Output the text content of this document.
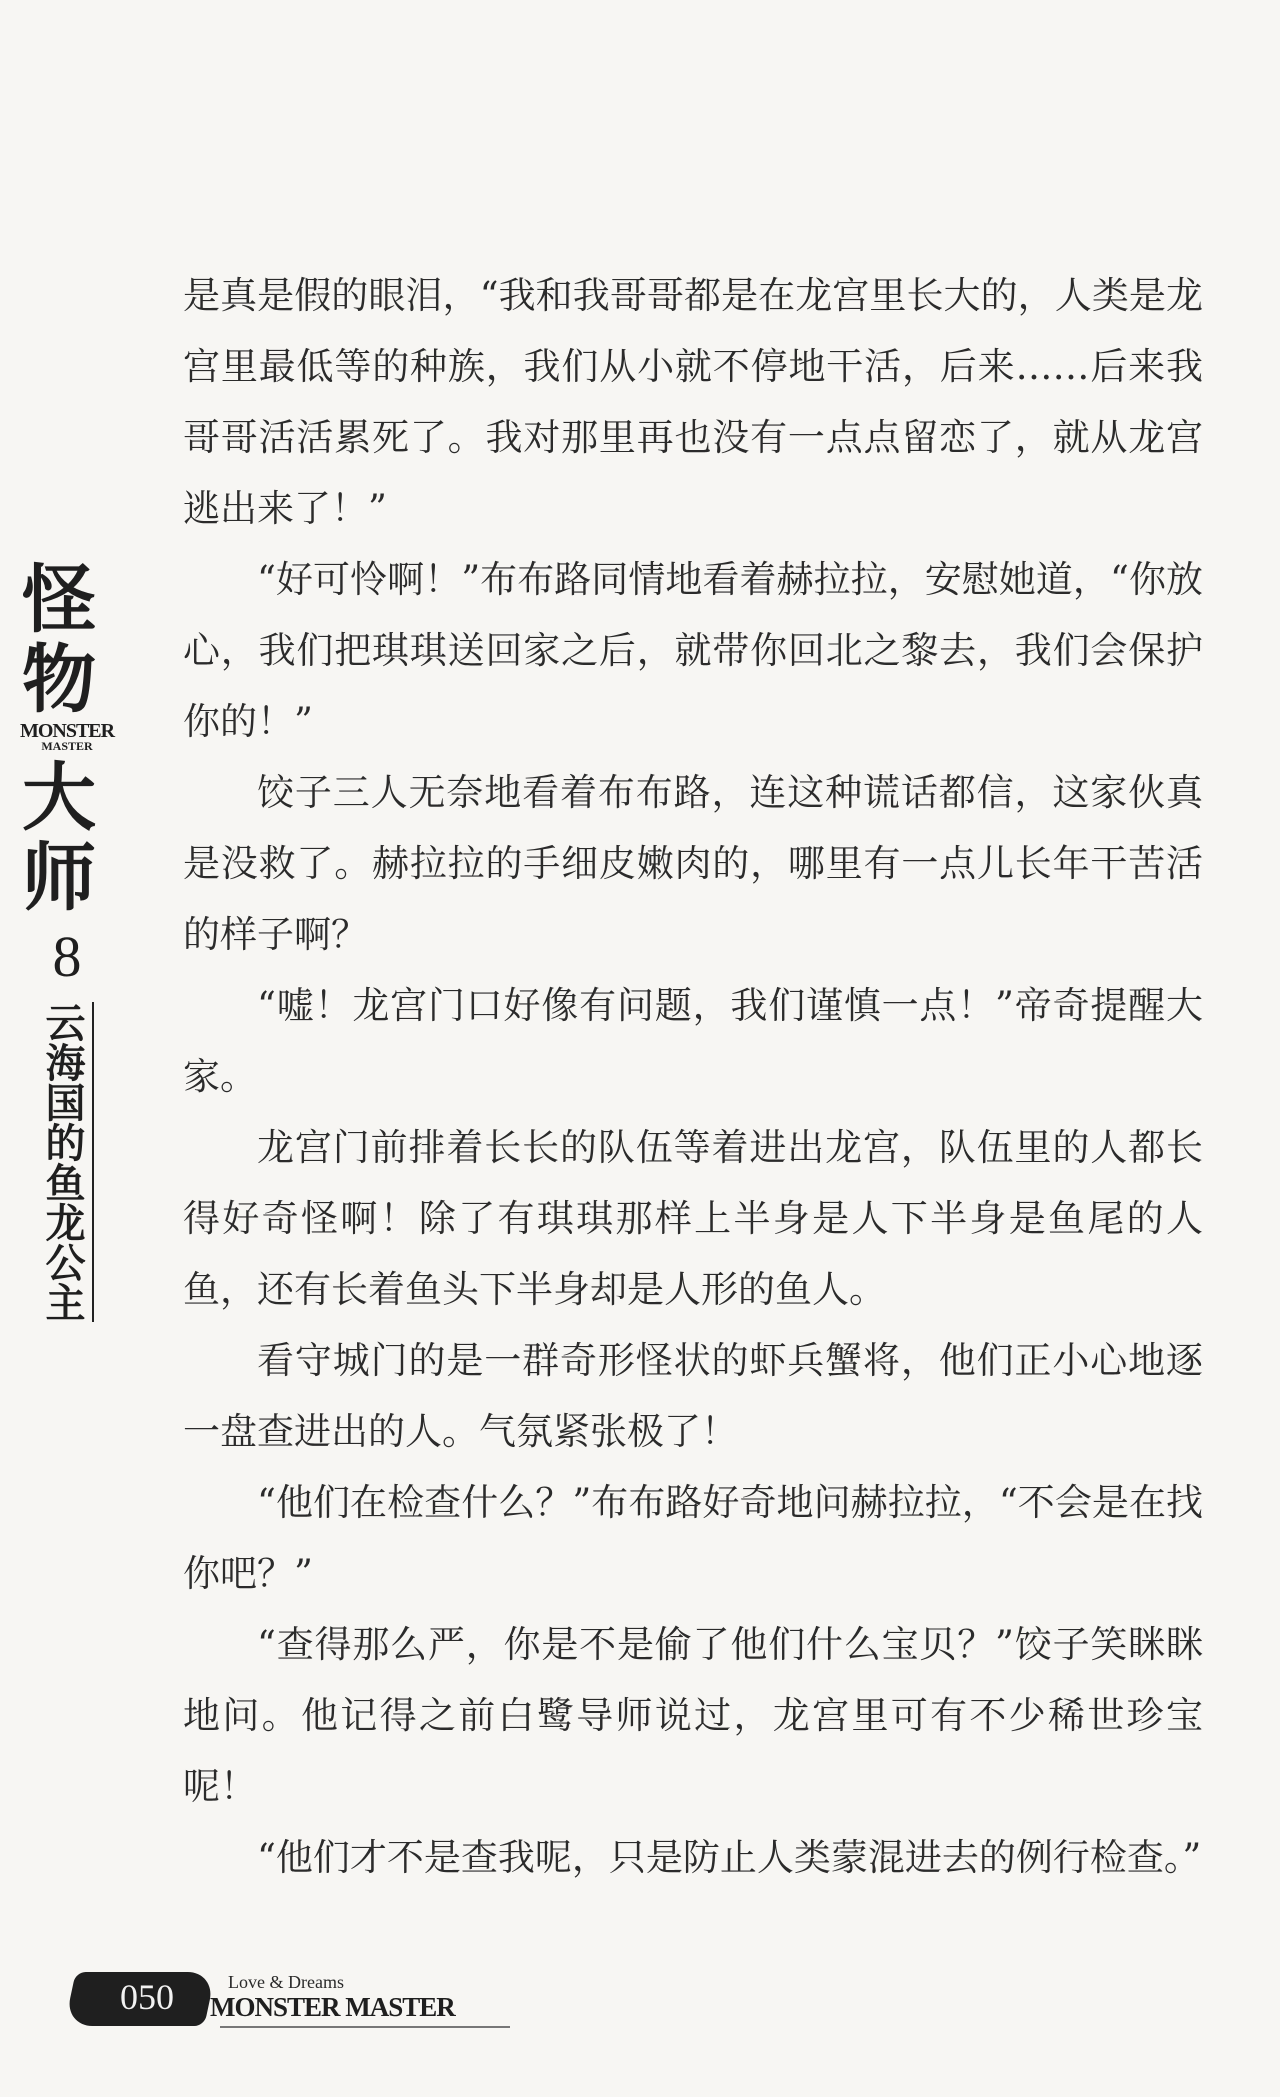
怪物
MONSTER
MASTER
大师
8
云海国的鱼龙公主

是真是假的眼泪，“我和我哥哥都是在龙宫里长大的，人类是龙宫里最低等的种族，我们从小就不停地干活，后来……后来我哥哥活活累死了。我对那里再也没有一点点留恋了，就从龙宫逃出来了！”

“好可怜啊！”布布路同情地看着赫拉拉，安慰她道，“你放心，我们把琪琪送回家之后，就带你回北之黎去，我们会保护你的！”

饺子三人无奈地看着布布路，连这种谎话都信，这家伙真是没救了。赫拉拉的手细皮嫩肉的，哪里有一点儿长年干苦活的样子啊？

“嘘！龙宫门口好像有问题，我们谨慎一点！”帝奇提醒大家。

龙宫门前排着长长的队伍等着进出龙宫，队伍里的人都长得好奇怪啊！除了有琪琪那样上半身是人下半身是鱼尾的人鱼，还有长着鱼头下半身却是人形的鱼人。

看守城门的是一群奇形怪状的虾兵蟹将，他们正小心地逐一盘查进出的人。气氛紧张极了！

“他们在检查什么？”布布路好奇地问赫拉拉，“不会是在找你吧？”

“查得那么严，你是不是偷了他们什么宝贝？”饺子笑眯眯地问。他记得之前白鹭导师说过，龙宫里可有不少稀世珍宝呢！

“他们才不是查我呢，只是防止人类蒙混进去的例行检查。”

050	Love & Dreams
MONSTER MASTER
